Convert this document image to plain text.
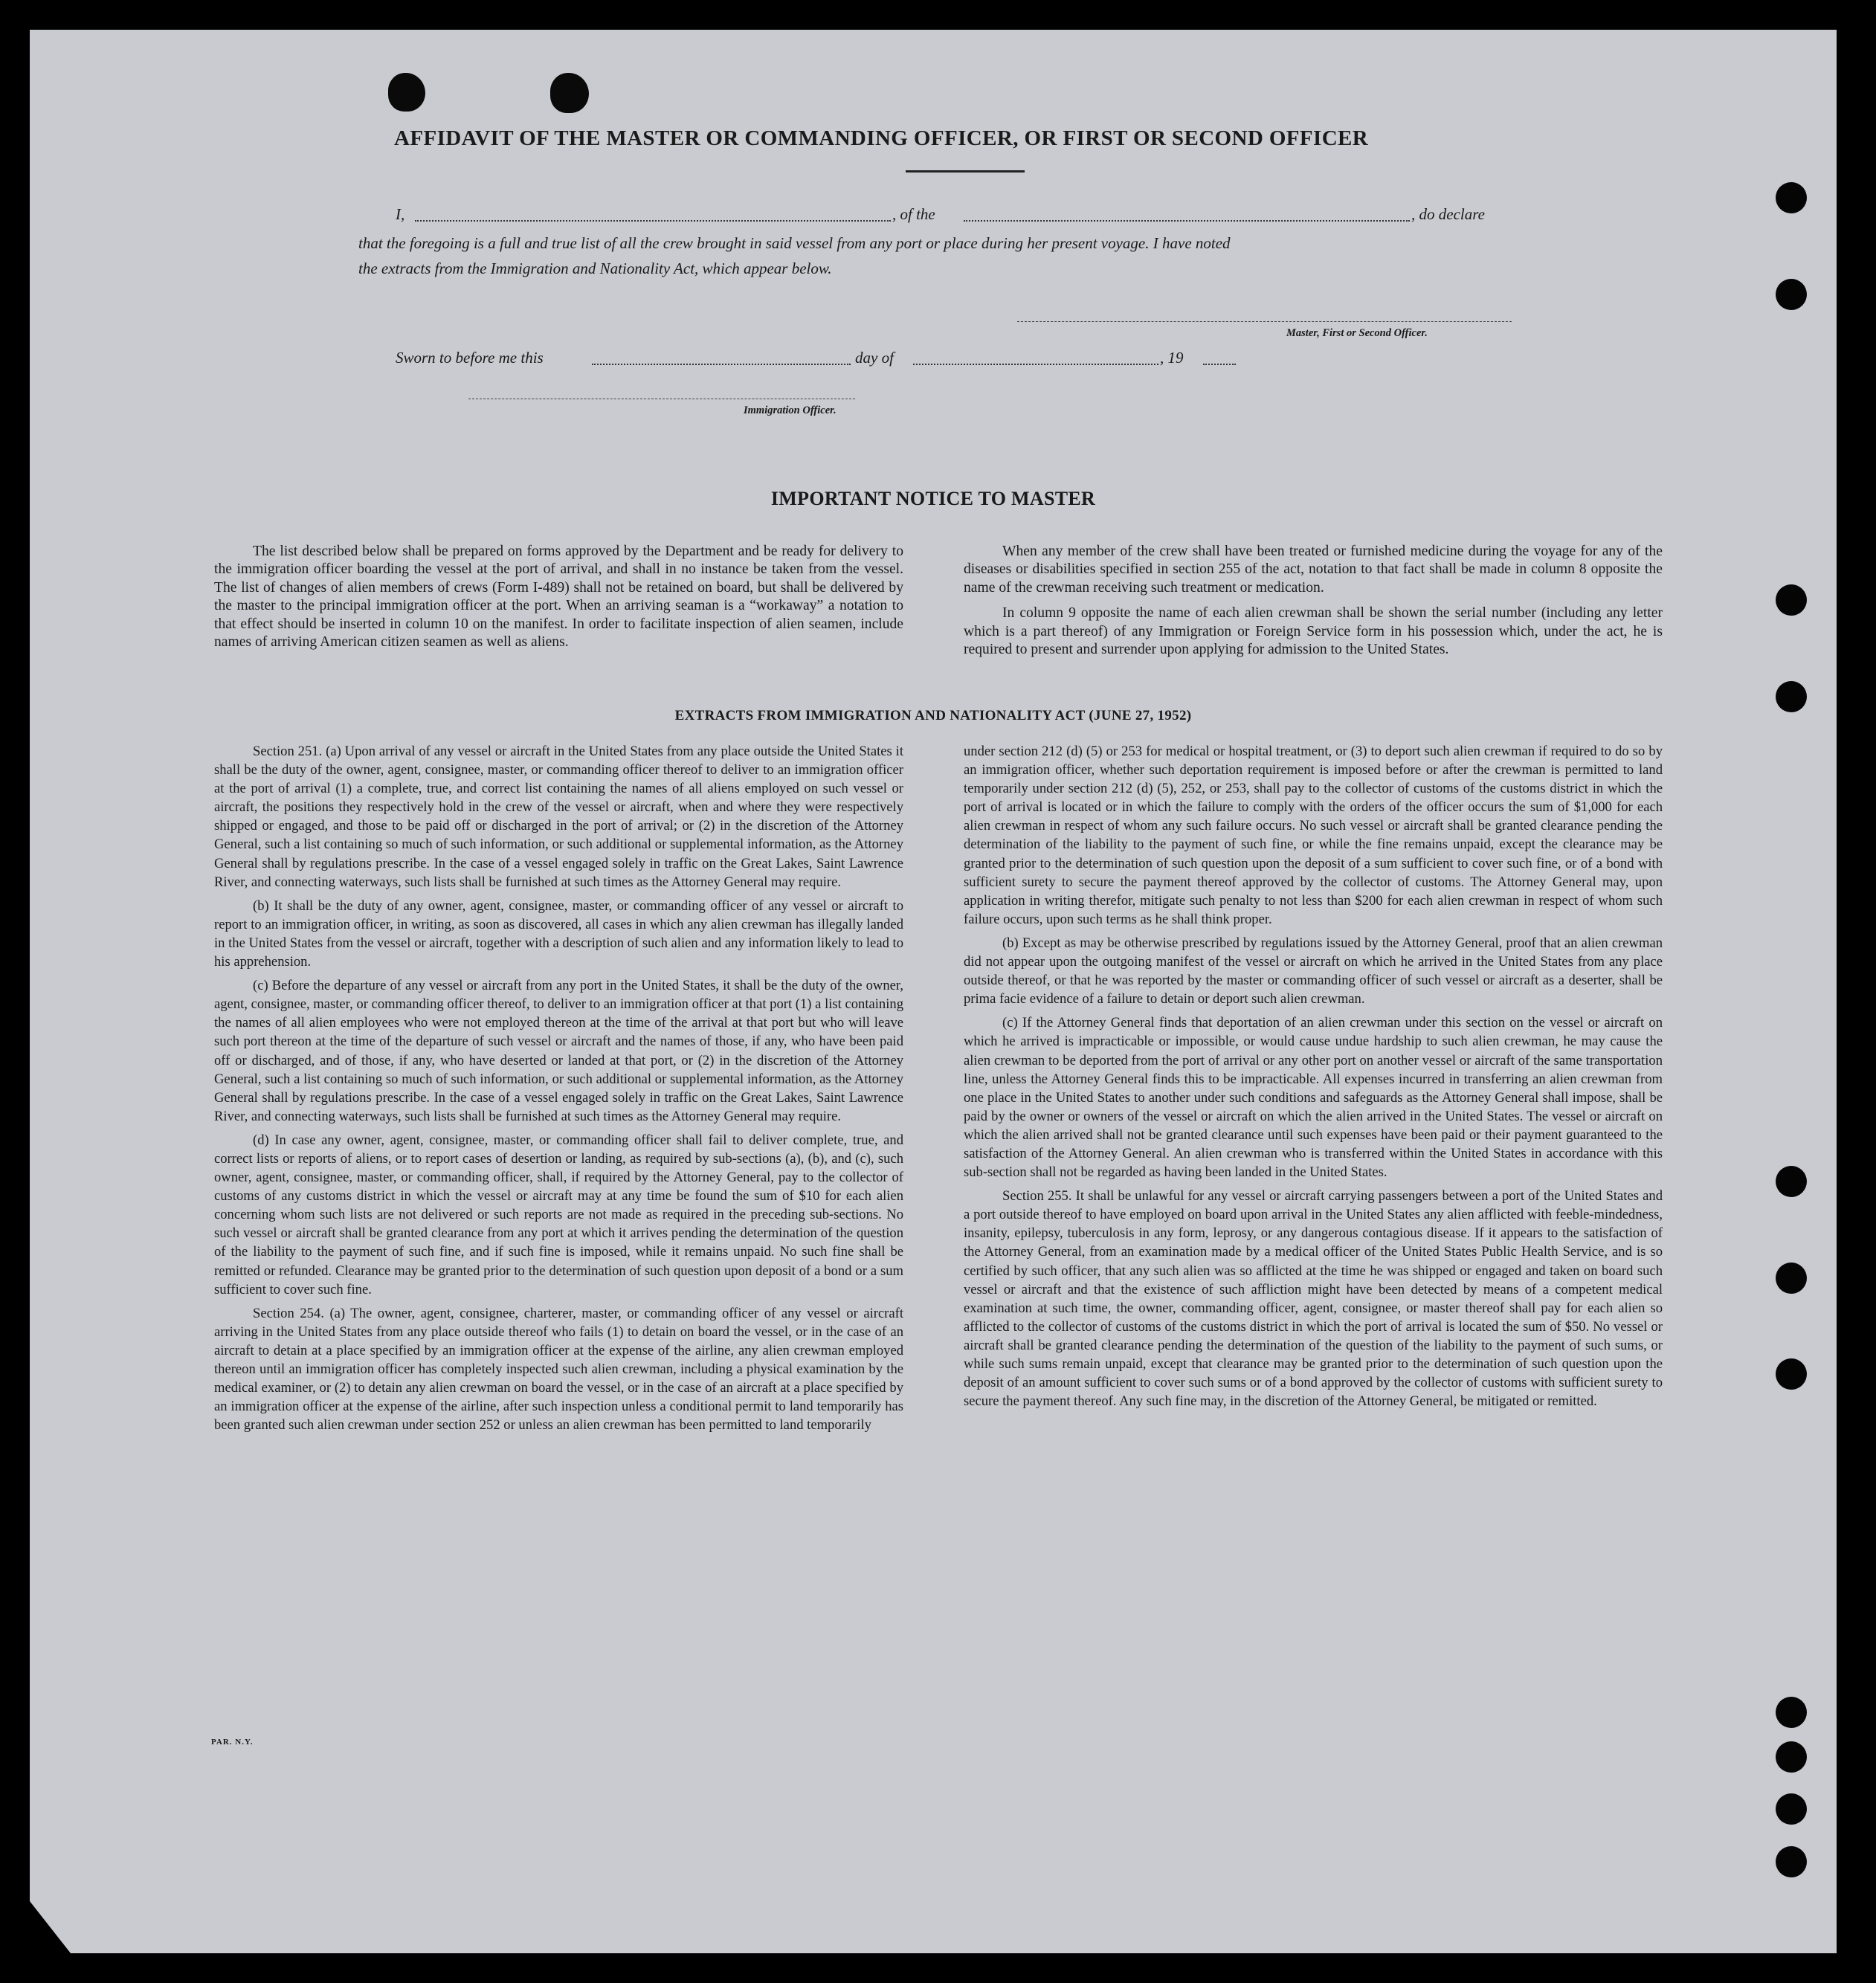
AFFIDAVIT OF THE MASTER OR COMMANDING OFFICER, OR FIRST OR SECOND OFFICER
I,	, of the	, do declare
that the foregoing is a full and true list of all the crew brought in said vessel from any port or place during her present voyage. I have noted
the extracts from the Immigration and Nationality Act, which appear below.
Master, First or Second Officer.
Sworn to before me this	day of	, 19
Immigration Officer.
IMPORTANT NOTICE TO MASTER

The list described below shall be prepared on forms approved by the Department and be ready for delivery to the immigration officer boarding the vessel at the port of arrival, and shall in no instance be taken from the vessel. The list of changes of alien members of crews (Form I-489) shall not be retained on board, but shall be delivered by the master to the principal immigration officer at the port. When an arriving seaman is a “workaway” a notation to that effect should be inserted in column 10 on the manifest. In order to facilitate inspection of alien seamen, include names of arriving American citizen seamen as well as aliens.

When any member of the crew shall have been treated or furnished medicine during the voyage for any of the diseases or disabilities specified in section 255 of the act, notation to that fact shall be made in column 8 opposite the name of the crewman receiving such treatment or medication.

In column 9 opposite the name of each alien crewman shall be shown the serial number (including any letter which is a part thereof) of any Immigration or Foreign Service form in his possession which, under the act, he is required to present and surrender upon applying for admission to the United States.

EXTRACTS FROM IMMIGRATION AND NATIONALITY ACT (JUNE 27, 1952)

Section 251. (a) Upon arrival of any vessel or aircraft in the United States from any place outside the United States it shall be the duty of the owner, agent, consignee, master, or commanding officer thereof to deliver to an immigration officer at the port of arrival (1) a complete, true, and correct list containing the names of all aliens employed on such vessel or aircraft, the positions they respectively hold in the crew of the vessel or aircraft, when and where they were respectively shipped or engaged, and those to be paid off or discharged in the port of arrival; or (2) in the discretion of the Attorney General, such a list containing so much of such information, or such additional or supplemental information, as the Attorney General shall by regulations prescribe. In the case of a vessel engaged solely in traffic on the Great Lakes, Saint Lawrence River, and connecting waterways, such lists shall be furnished at such times as the Attorney General may require.

(b) It shall be the duty of any owner, agent, consignee, master, or commanding officer of any vessel or aircraft to report to an immigration officer, in writing, as soon as discovered, all cases in which any alien crewman has illegally landed in the United States from the vessel or aircraft, together with a description of such alien and any information likely to lead to his apprehension.

(c) Before the departure of any vessel or aircraft from any port in the United States, it shall be the duty of the owner, agent, consignee, master, or commanding officer thereof, to deliver to an immigration officer at that port (1) a list containing the names of all alien employees who were not employed thereon at the time of the arrival at that port but who will leave such port thereon at the time of the departure of such vessel or aircraft and the names of those, if any, who have been paid off or discharged, and of those, if any, who have deserted or landed at that port, or (2) in the discretion of the Attorney General, such a list containing so much of such information, or such additional or supplemental information, as the Attorney General shall by regulations prescribe. In the case of a vessel engaged solely in traffic on the Great Lakes, Saint Lawrence River, and connecting waterways, such lists shall be furnished at such times as the Attorney General may require.

(d) In case any owner, agent, consignee, master, or commanding officer shall fail to deliver complete, true, and correct lists or reports of aliens, or to report cases of desertion or landing, as required by sub-sections (a), (b), and (c), such owner, agent, consignee, master, or commanding officer, shall, if required by the Attorney General, pay to the collector of customs of any customs district in which the vessel or aircraft may at any time be found the sum of $10 for each alien concerning whom such lists are not delivered or such reports are not made as required in the preceding sub-sections. No such vessel or aircraft shall be granted clearance from any port at which it arrives pending the determination of the question of the liability to the payment of such fine, and if such fine is imposed, while it remains unpaid. No such fine shall be remitted or refunded. Clearance may be granted prior to the determination of such question upon deposit of a bond or a sum sufficient to cover such fine.

Section 254. (a) The owner, agent, consignee, charterer, master, or commanding officer of any vessel or aircraft arriving in the United States from any place outside thereof who fails (1) to detain on board the vessel, or in the case of an aircraft to detain at a place specified by an immigration officer at the expense of the airline, any alien crewman employed thereon until an immigration officer has completely inspected such alien crewman, including a physical examination by the medical examiner, or (2) to detain any alien crewman on board the vessel, or in the case of an aircraft at a place specified by an immigration officer at the expense of the airline, after such inspection unless a conditional permit to land temporarily has been granted such alien crewman under section 252 or unless an alien crewman has been permitted to land temporarily

under section 212 (d) (5) or 253 for medical or hospital treatment, or (3) to deport such alien crewman if required to do so by an immigration officer, whether such deportation requirement is imposed before or after the crewman is permitted to land temporarily under section 212 (d) (5), 252, or 253, shall pay to the collector of customs of the customs district in which the port of arrival is located or in which the failure to comply with the orders of the officer occurs the sum of $1,000 for each alien crewman in respect of whom any such failure occurs. No such vessel or aircraft shall be granted clearance pending the determination of the liability to the payment of such fine, or while the fine remains unpaid, except the clearance may be granted prior to the determination of such question upon the deposit of a sum sufficient to cover such fine, or of a bond with sufficient surety to secure the payment thereof approved by the collector of customs. The Attorney General may, upon application in writing therefor, mitigate such penalty to not less than $200 for each alien crewman in respect of whom such failure occurs, upon such terms as he shall think proper.

(b) Except as may be otherwise prescribed by regulations issued by the Attorney General, proof that an alien crewman did not appear upon the outgoing manifest of the vessel or aircraft on which he arrived in the United States from any place outside thereof, or that he was reported by the master or commanding officer of such vessel or aircraft as a deserter, shall be prima facie evidence of a failure to detain or deport such alien crewman.

(c) If the Attorney General finds that deportation of an alien crewman under this section on the vessel or aircraft on which he arrived is impracticable or impossible, or would cause undue hardship to such alien crewman, he may cause the alien crewman to be deported from the port of arrival or any other port on another vessel or aircraft of the same transportation line, unless the Attorney General finds this to be impracticable. All expenses incurred in transferring an alien crewman from one place in the United States to another under such conditions and safeguards as the Attorney General shall impose, shall be paid by the owner or owners of the vessel or aircraft on which the alien arrived in the United States. The vessel or aircraft on which the alien arrived shall not be granted clearance until such expenses have been paid or their payment guaranteed to the satisfaction of the Attorney General. An alien crewman who is transferred within the United States in accordance with this sub-section shall not be regarded as having been landed in the United States.

Section 255. It shall be unlawful for any vessel or aircraft carrying passengers between a port of the United States and a port outside thereof to have employed on board upon arrival in the United States any alien afflicted with feeble-mindedness, insanity, epilepsy, tuberculosis in any form, leprosy, or any dangerous contagious disease. If it appears to the satisfaction of the Attorney General, from an examination made by a medical officer of the United States Public Health Service, and is so certified by such officer, that any such alien was so afflicted at the time he was shipped or engaged and taken on board such vessel or aircraft and that the existence of such affliction might have been detected by means of a competent medical examination at such time, the owner, commanding officer, agent, consignee, or master thereof shall pay for each alien so afflicted to the collector of customs of the customs district in which the port of arrival is located the sum of $50. No vessel or aircraft shall be granted clearance pending the determination of the question of the liability to the payment of such sums, or while such sums remain unpaid, except that clearance may be granted prior to the determination of such question upon the deposit of an amount sufficient to cover such sums or of a bond approved by the collector of customs with sufficient surety to secure the payment thereof. Any such fine may, in the discretion of the Attorney General, be mitigated or remitted.

PAR. N.Y.
